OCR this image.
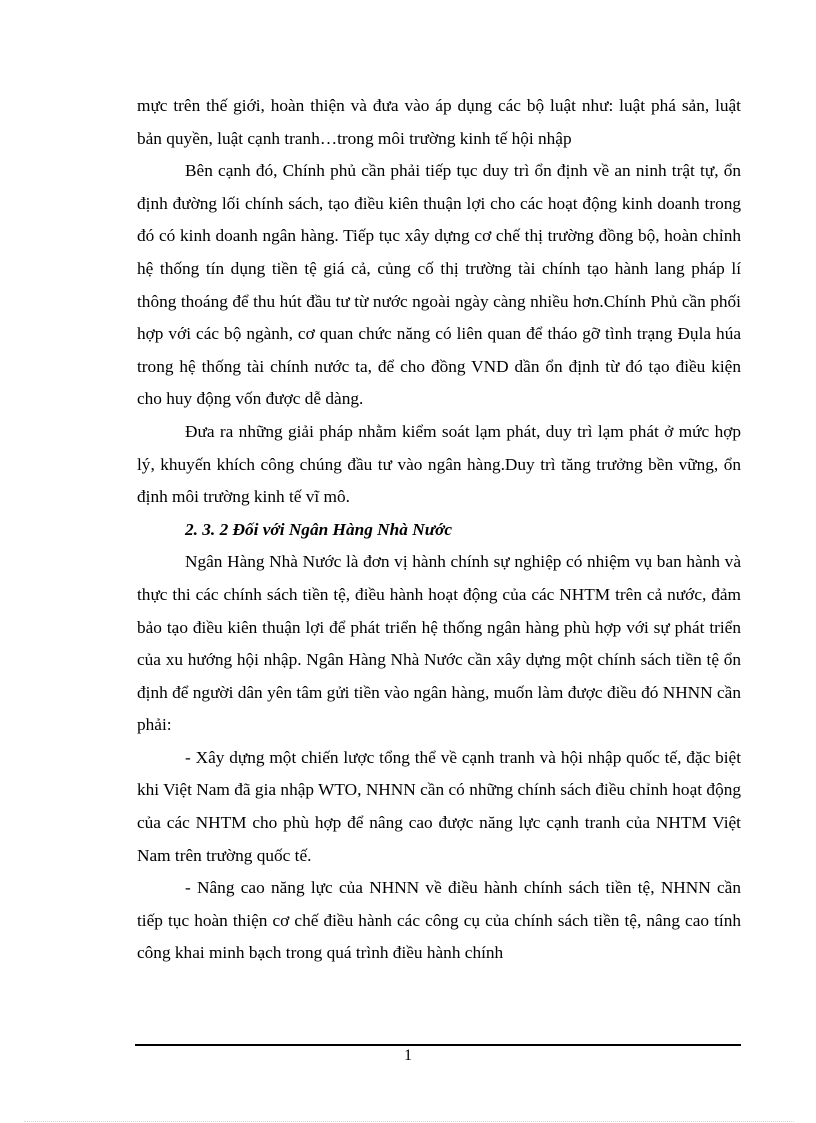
mực trên thế giới, hoàn thiện và đưa vào áp dụng các bộ luật như: luật phá sản, luật bản quyền, luật cạnh tranh…trong môi trường kinh tế hội nhập

Bên cạnh đó, Chính phủ cần phải tiếp tục duy trì ổn định về an ninh trật tự, ổn định đường lối chính sách, tạo điều kiên thuận lợi cho các hoạt động kinh doanh trong đó có kinh doanh ngân hàng. Tiếp tục xây dựng cơ chế thị trường đồng bộ, hoàn chỉnh hệ thống tín dụng tiền tệ giá cả, củng cố thị trường tài chính tạo hành lang pháp lí thông thoáng để thu hút đầu tư từ nước ngoài ngày càng nhiều hơn.Chính Phủ cần phối hợp với các bộ ngành, cơ quan chức năng có liên quan để tháo gỡ tình trạng Đụla húa trong hệ thống tài chính nước ta, để cho đồng VND dần ổn định từ đó tạo điều kiện cho huy động vốn được dễ dàng.

Đưa ra những giải pháp nhằm kiểm soát lạm phát, duy trì lạm phát ở mức hợp lý, khuyến khích công chúng đầu tư vào ngân hàng.Duy trì tăng trưởng bền vững, ổn định môi trường kinh tế vĩ mô.

2. 3. 2 Đối với Ngân Hàng Nhà Nước

Ngân Hàng Nhà Nước là đơn vị hành chính sự nghiệp có nhiệm vụ ban hành và thực thi các chính sách tiền tệ, điều hành hoạt động của các NHTM trên cả nước, đảm bảo tạo điều kiên thuận lợi để phát triển hệ thống ngân hàng phù hợp với sự phát triển của xu hướng hội nhập. Ngân Hàng Nhà Nước cần xây dựng một chính sách tiền tệ ổn định để người dân yên tâm gửi tiền vào ngân hàng, muốn làm được điều đó NHNN cần phải:

- Xây dựng một chiến lược tổng thể về cạnh tranh và hội nhập quốc tế, đặc biệt khi Việt Nam đã gia nhập WTO, NHNN cần có những chính sách điều chỉnh hoạt động của các NHTM cho phù hợp để nâng cao được năng lực cạnh tranh của NHTM Việt Nam trên trường quốc tế.

- Nâng cao năng lực của NHNN về điều hành chính sách tiền tệ, NHNN cần tiếp tục hoàn thiện cơ chế điều hành các công cụ của chính sách tiền tệ, nâng cao tính công khai minh bạch trong quá trình điều hành chính

1
